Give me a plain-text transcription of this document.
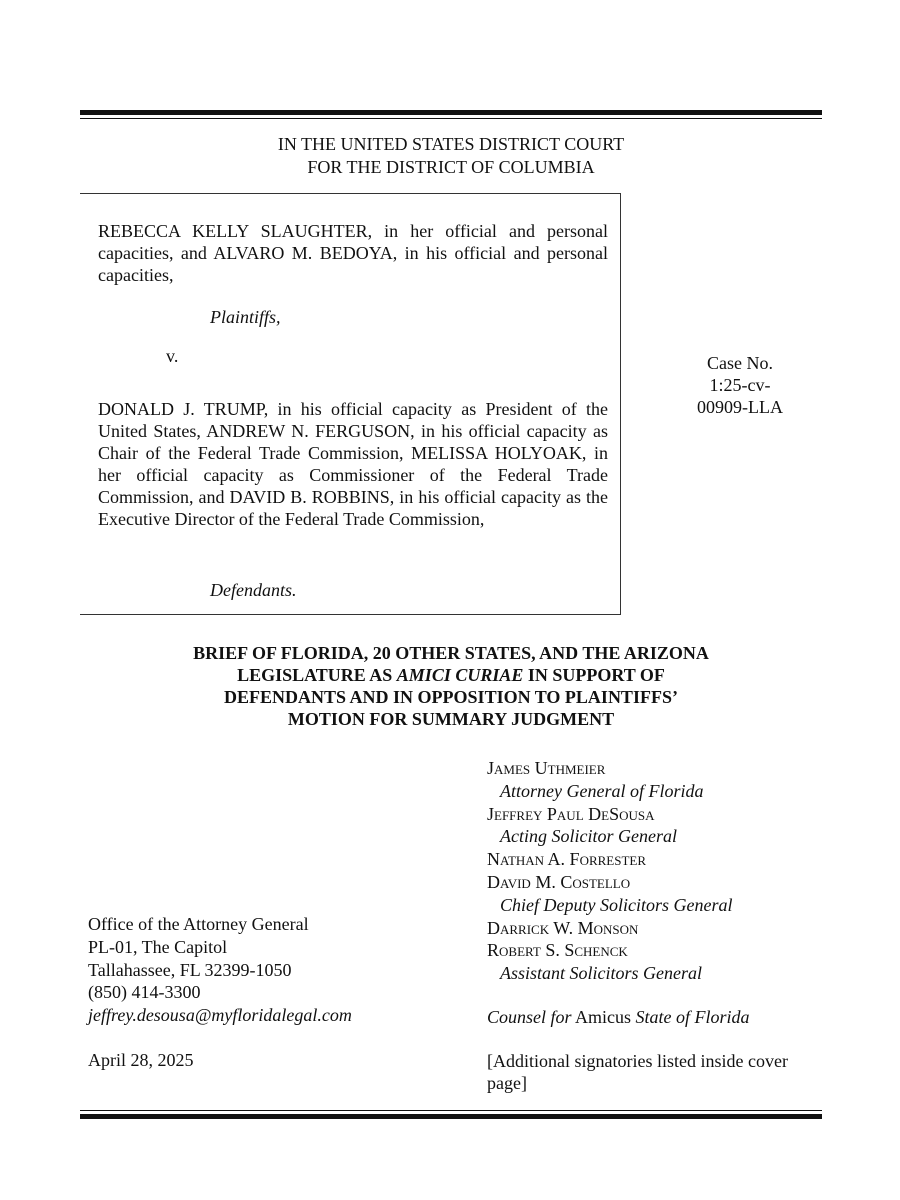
IN THE UNITED STATES DISTRICT COURT
FOR THE DISTRICT OF COLUMBIA
REBECCA KELLY SLAUGHTER, in her official and personal capacities, and ALVARO M. BEDOYA, in his official and personal capacities,
Plaintiffs,
v.
DONALD J. TRUMP, in his official capacity as President of the United States, ANDREW N. FERGUSON, in his official capacity as Chair of the Federal Trade Commission, MELISSA HOLYOAK, in her official capacity as Commissioner of the Federal Trade Commission, and DAVID B. ROBBINS, in his official capacity as the Executive Director of the Federal Trade Commission,
Defendants.
Case No.
1:25-cv-
00909-LLA
BRIEF OF FLORIDA, 20 OTHER STATES, AND THE ARIZONA
LEGISLATURE AS AMICI CURIAE IN SUPPORT OF
DEFENDANTS AND IN OPPOSITION TO PLAINTIFFS’
MOTION FOR SUMMARY JUDGMENT
James Uthmeier
Attorney General of Florida
Jeffrey Paul DeSousa
Acting Solicitor General
Nathan A. Forrester
David M. Costello
Chief Deputy Solicitors General
Darrick W. Monson
Robert S. Schenck
Assistant Solicitors General
Counsel for Amicus State of Florida
[Additional signatories listed inside cover page]
Office of the Attorney General
PL-01, The Capitol
Tallahassee, FL 32399-1050
(850) 414-3300
jeffrey.desousa@myfloridalegal.com
April 28, 2025
